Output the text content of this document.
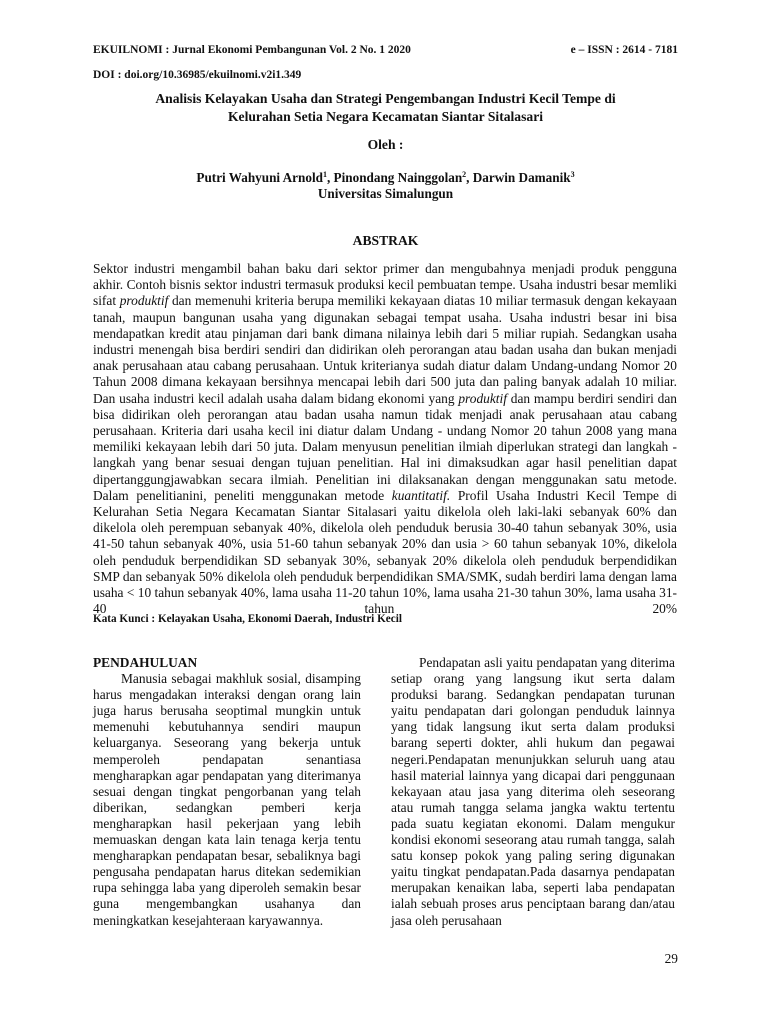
EKUILNOMI : Jurnal Ekonomi Pembangunan Vol. 2 No. 1 2020	e – ISSN : 2614 - 7181
DOI : doi.org/10.36985/ekuilnomi.v2i1.349
Analisis Kelayakan Usaha dan Strategi Pengembangan Industri Kecil Tempe di
Kelurahan Setia Negara Kecamatan Siantar Sitalasari
Oleh :
Putri Wahyuni Arnold$^1$, Pinondang Nainggolan$^2$, Darwin Damanik$^3$
Universitas Simalungun
ABSTRAK

Sektor industri mengambil bahan baku dari sektor primer dan mengubahnya menjadi produk pengguna akhir. Contoh bisnis sektor industri termasuk produksi kecil pembuatan tempe. Usaha industri besar memliki sifat produktif dan memenuhi kriteria berupa memiliki kekayaan diatas 10 miliar termasuk dengan kekayaan tanah, maupun bangunan usaha yang digunakan sebagai tempat usaha. Usaha industri besar ini bisa mendapatkan kredit atau pinjaman dari bank dimana nilainya lebih dari 5 miliar rupiah. Sedangkan usaha industri menengah bisa berdiri sendiri dan didirikan oleh perorangan atau badan usaha dan bukan menjadi anak perusahaan atau cabang perusahaan. Untuk kriterianya sudah diatur dalam Undang-undang Nomor 20 Tahun 2008 dimana kekayaan bersihnya mencapai lebih dari 500 juta dan paling banyak adalah 10 miliar. Dan usaha industri kecil adalah usaha dalam bidang ekonomi yang produktif dan mampu berdiri sendiri dan bisa didirikan oleh perorangan atau badan usaha namun tidak menjadi anak perusahaan atau cabang perusahaan. Kriteria dari usaha kecil ini diatur dalam Undang - undang Nomor 20 tahun 2008 yang mana memiliki kekayaan lebih dari 50 juta. Dalam menyusun penelitian ilmiah diperlukan strategi dan langkah - langkah yang benar sesuai dengan tujuan penelitian. Hal ini dimaksudkan agar hasil penelitian dapat dipertanggungjawabkan secara ilmiah. Penelitian ini dilaksanakan dengan menggunakan satu metode. Dalam penelitianini, peneliti menggunakan metode kuantitatif. Profil Usaha Industri Kecil Tempe di Kelurahan Setia Negara Kecamatan Siantar Sitalasari yaitu dikelola oleh laki-laki sebanyak 60% dan dikelola oleh perempuan sebanyak 40%, dikelola oleh penduduk berusia 30-40 tahun sebanyak 30%, usia 41-50 tahun sebanyak 40%, usia 51-60 tahun sebanyak 20% dan usia > 60 tahun sebanyak 10%, dikelola oleh penduduk berpendidikan SD sebanyak 30%, sebanyak 20% dikelola oleh penduduk berpendidikan SMP dan sebanyak 50% dikelola oleh penduduk berpendidikan SMA/SMK, sudah berdiri lama dengan lama usaha < 10 tahun sebanyak 40%, lama usaha 11-20 tahun 10%, lama usaha 21-30 tahun 30%, lama usaha 31-40 tahun 20%

Kata Kunci : Kelayakan Usaha, Ekonomi Daerah, Industri Kecil

PENDAHULUAN

Manusia sebagai makhluk sosial, disamping harus mengadakan interaksi dengan orang lain juga harus berusaha seoptimal mungkin untuk memenuhi kebutuhannya sendiri maupun keluarganya. Seseorang yang bekerja untuk memperoleh pendapatan senantiasa mengharapkan agar pendapatan yang diterimanya sesuai dengan tingkat pengorbanan yang telah diberikan, sedangkan pemberi kerja mengharapkan hasil pekerjaan yang lebih memuaskan dengan kata lain tenaga kerja tentu mengharapkan pendapatan besar, sebaliknya bagi pengusaha pendapatan harus ditekan sedemikian rupa sehingga laba yang diperoleh semakin besar guna mengembangkan usahanya dan meningkatkan kesejahteraan karyawannya.

Pendapatan asli yaitu pendapatan yang diterima setiap orang yang langsung ikut serta dalam produksi barang. Sedangkan pendapatan turunan yaitu pendapatan dari golongan penduduk lainnya yang tidak langsung ikut serta dalam produksi barang seperti dokter, ahli hukum dan pegawai negeri.Pendapatan menunjukkan seluruh uang atau hasil material lainnya yang dicapai dari penggunaan kekayaan atau jasa yang diterima oleh seseorang atau rumah tangga selama jangka waktu tertentu pada suatu kegiatan ekonomi. Dalam mengukur kondisi ekonomi seseorang atau rumah tangga, salah satu konsep pokok yang paling sering digunakan yaitu tingkat pendapatan.Pada dasarnya pendapatan merupakan kenaikan laba, seperti laba pendapatan ialah sebuah proses arus penciptaan barang dan/atau jasa oleh perusahaan

29
